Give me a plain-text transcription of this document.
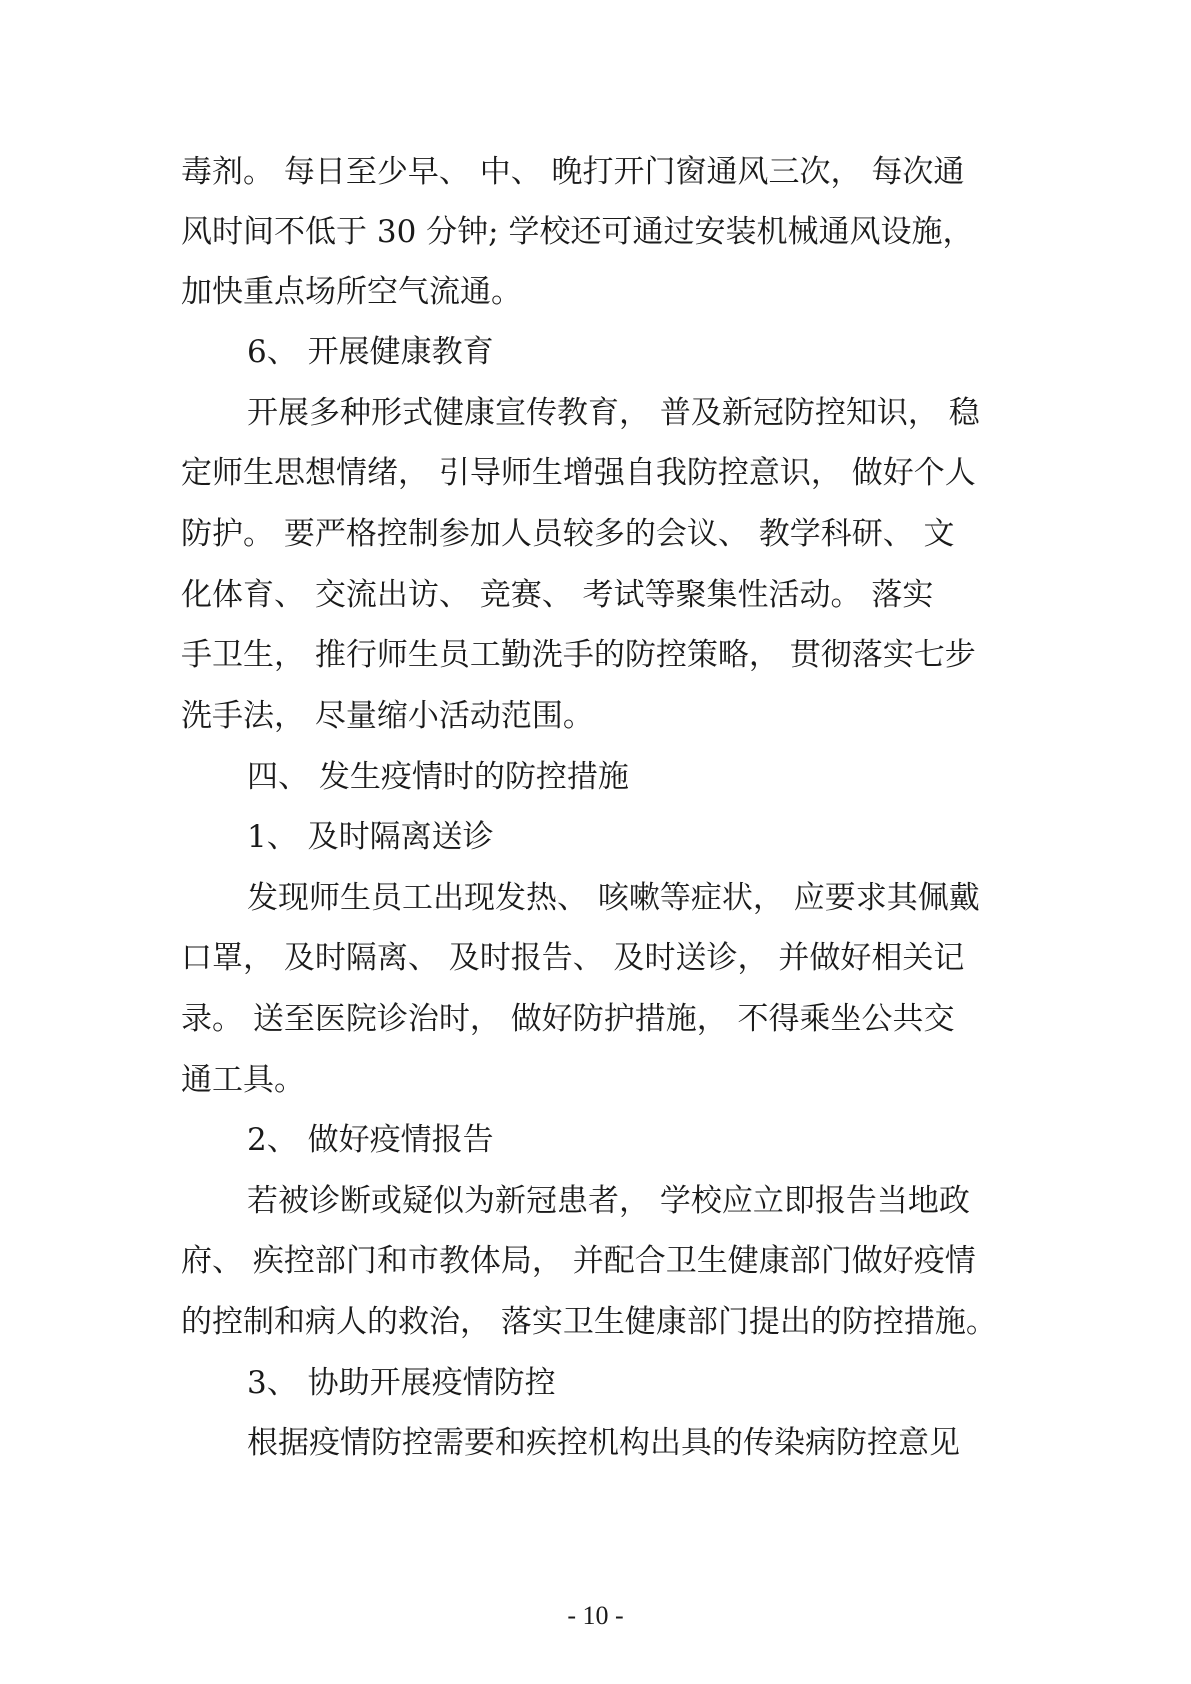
毒剂。 每日至少早、 中、 晚打开门窗通风三次， 每次通
风时间不低于 30 分钟; 学校还可通过安装机械通风设施，
加快重点场所空气流通。
6、 开展健康教育
开展多种形式健康宣传教育， 普及新冠防控知识， 稳
定师生思想情绪， 引导师生增强自我防控意识， 做好个人
防护。 要严格控制参加人员较多的会议、 教学科研、 文
化体育、 交流出访、 竞赛、 考试等聚集性活动。 落实
手卫生， 推行师生员工勤洗手的防控策略， 贯彻落实七步
洗手法， 尽量缩小活动范围。
四、 发生疫情时的防控措施
1、 及时隔离送诊
发现师生员工出现发热、 咳嗽等症状， 应要求其佩戴
口罩， 及时隔离、 及时报告、 及时送诊， 并做好相关记
录。 送至医院诊治时， 做好防护措施， 不得乘坐公共交
通工具。
2、 做好疫情报告
若被诊断或疑似为新冠患者， 学校应立即报告当地政
府、 疾控部门和市教体局， 并配合卫生健康部门做好疫情
的控制和病人的救治， 落实卫生健康部门提出的防控措施。
3、 协助开展疫情防控
根据疫情防控需要和疾控机构出具的传染病防控意见
- 10 -
